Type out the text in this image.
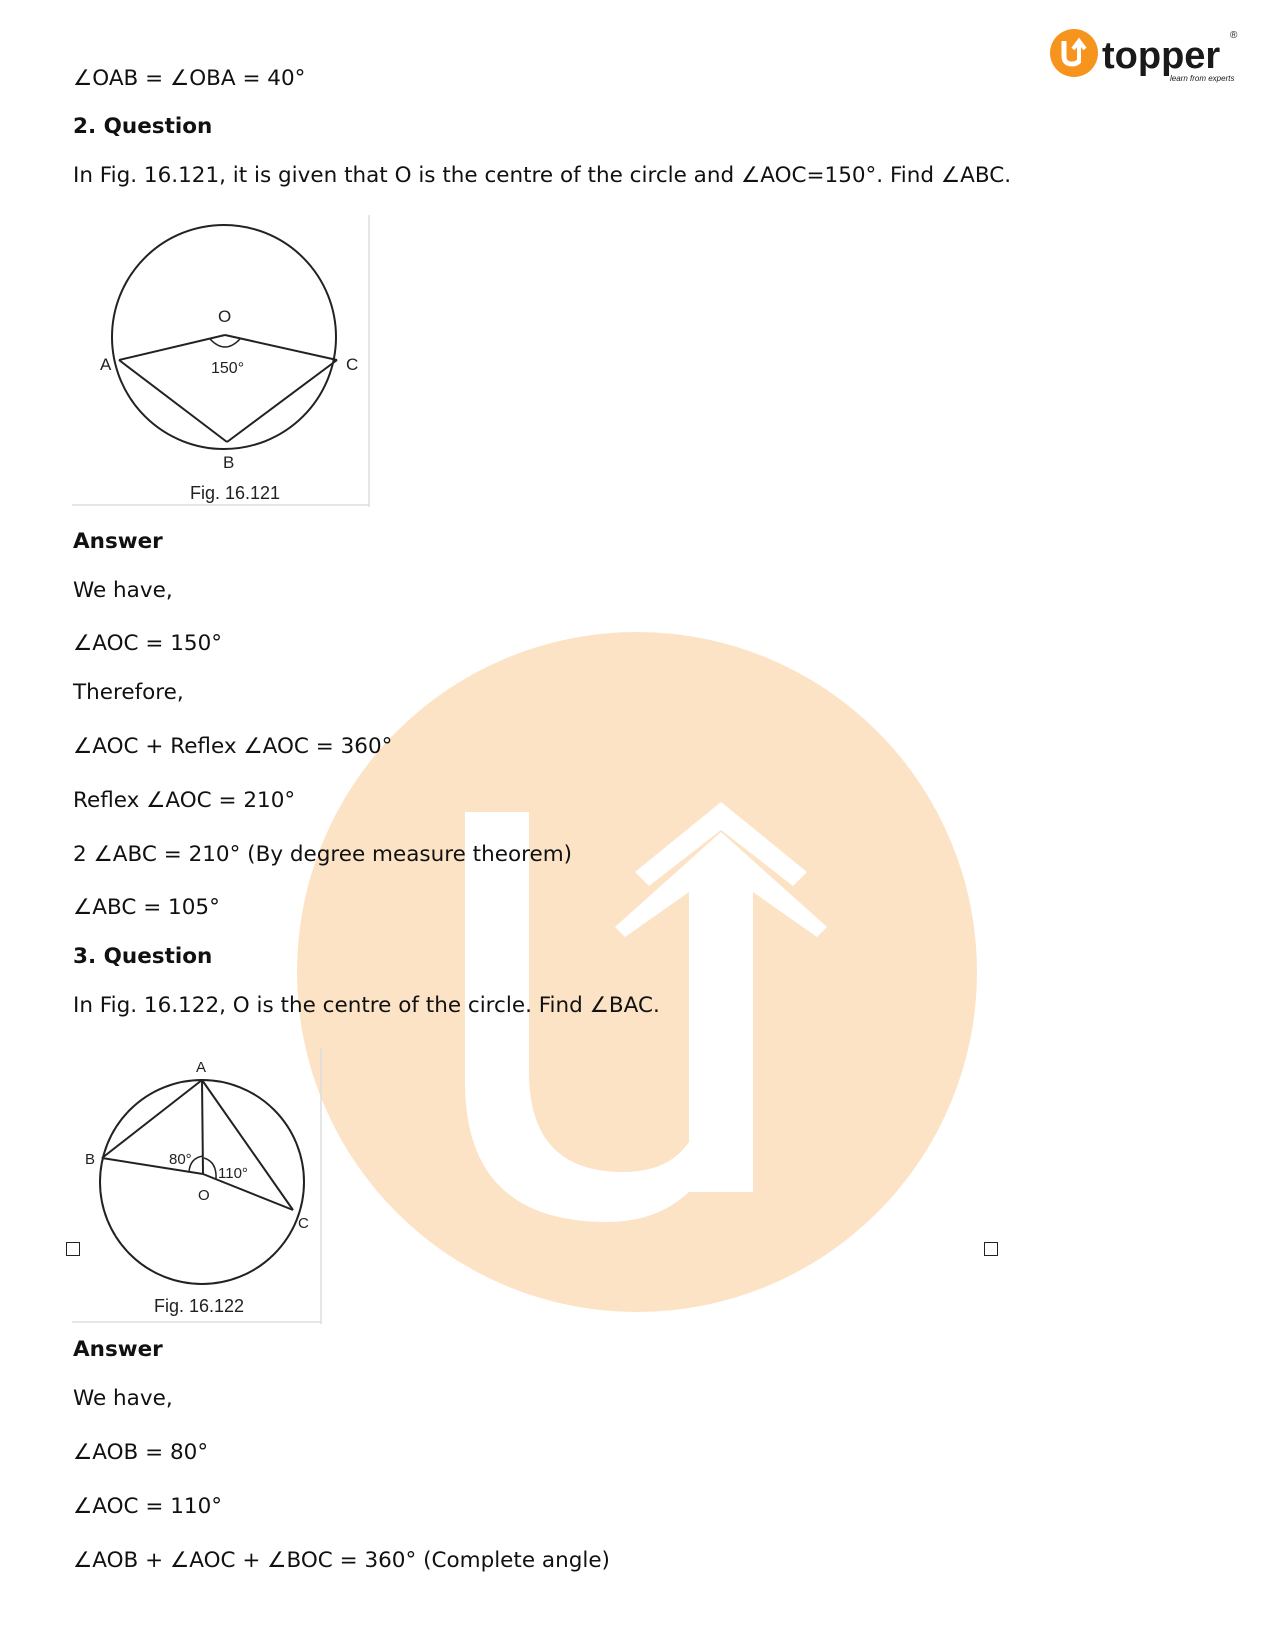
topper ®
learn from experts
∠OAB = ∠OBA = 40°
2. Question
In Fig. 16.121, it is given that O is the centre of the circle and ∠AOC=150°. Find ∠ABC.
O
A	C
B
150°
Fig. 16.121
Answer
We have,
∠AOC = 150°
Therefore,
∠AOC + Reflex ∠AOC = 360°
Reflex ∠AOC = 210°
2 ∠ABC = 210° (By degree measure theorem)
∠ABC = 105°
3. Question
In Fig. 16.122, O is the centre of the circle. Find ∠BAC.
A
B
C
O
80°
110°
Fig. 16.122
Answer
We have,
∠AOB = 80°
∠AOC = 110°
∠AOB + ∠AOC + ∠BOC = 360° (Complete angle)
